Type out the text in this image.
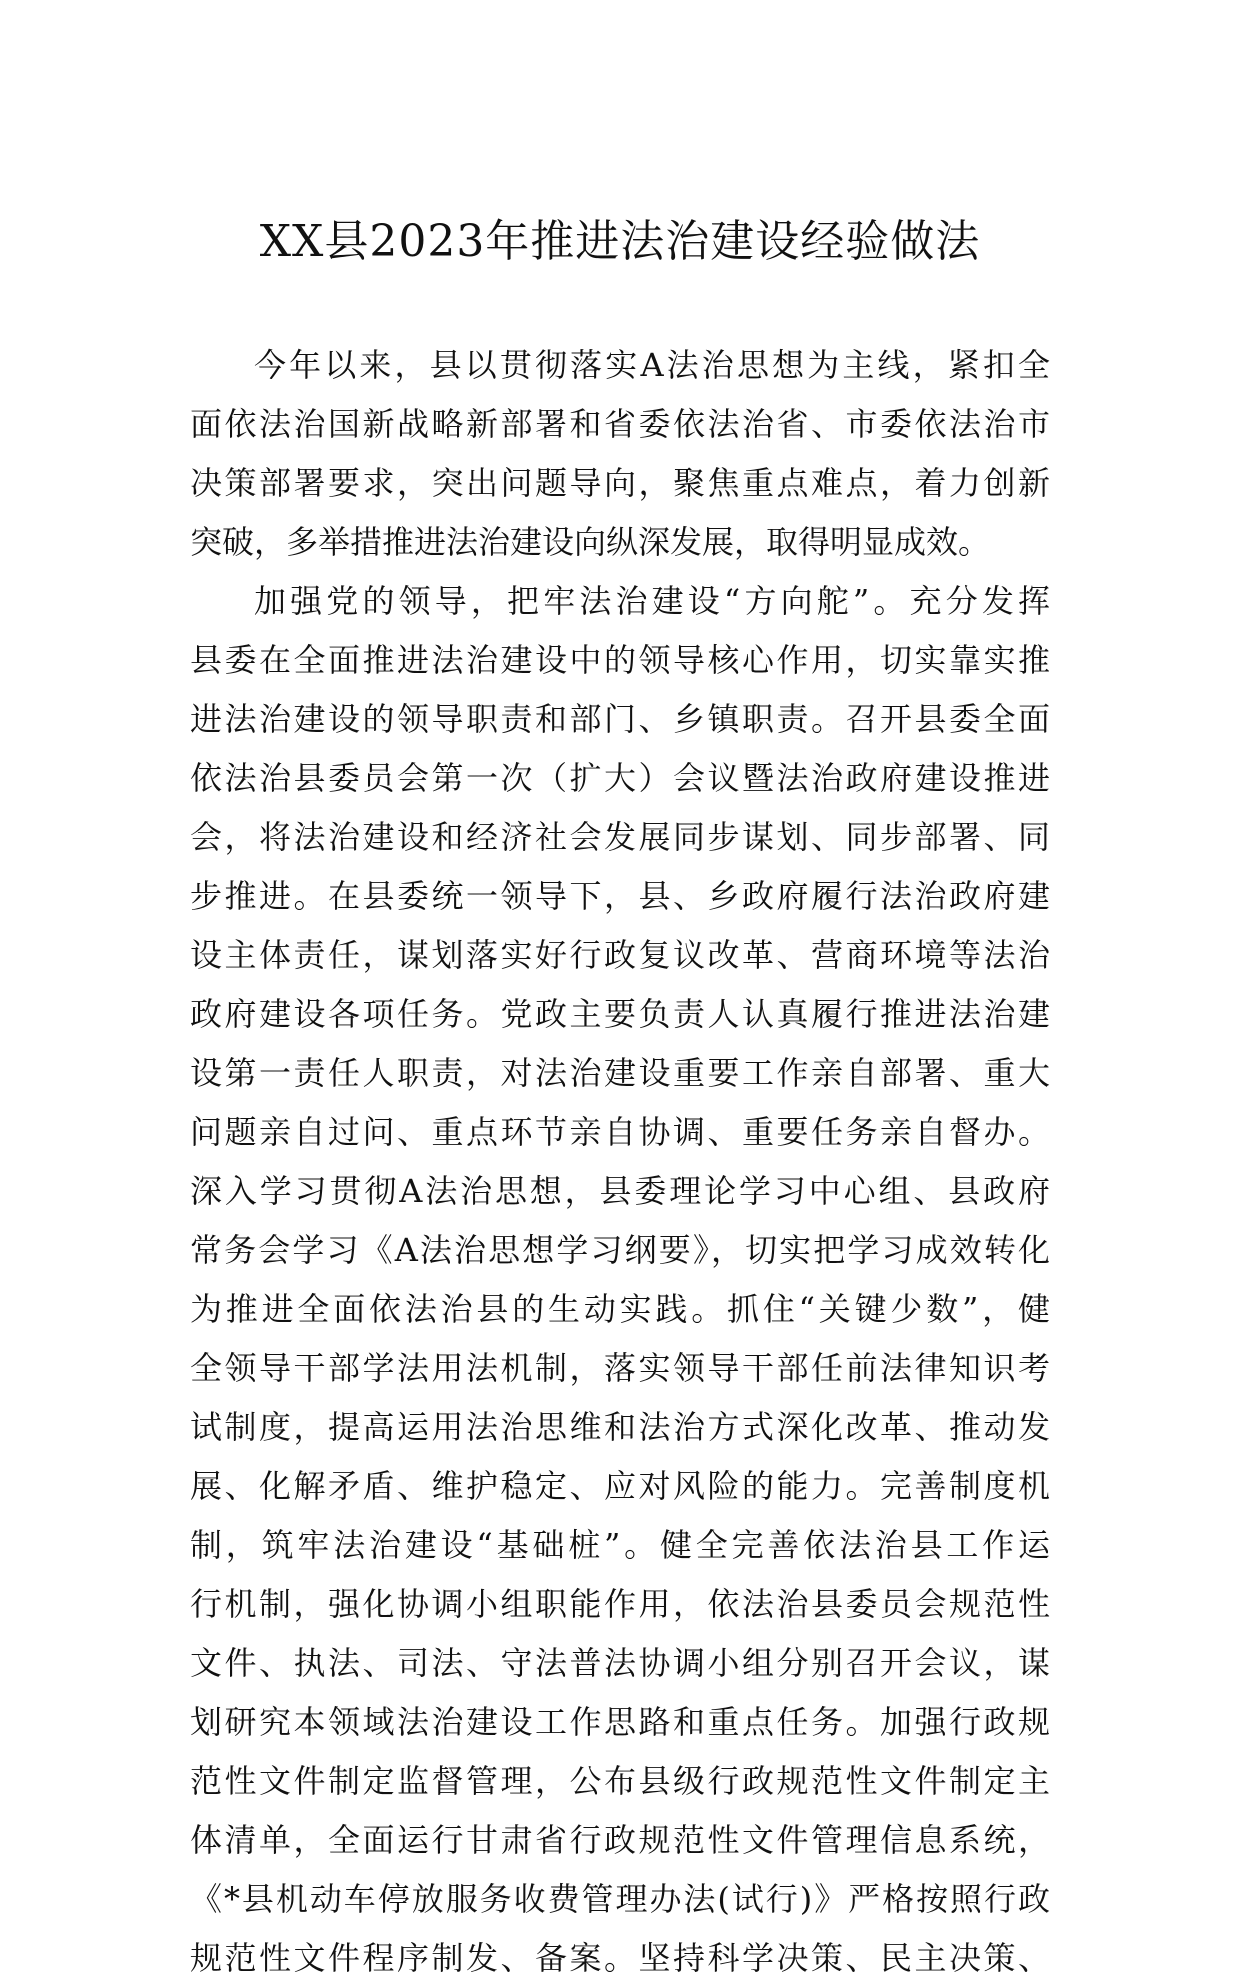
XX县2023年推进法治建设经验做法
今年以来，县以贯彻落实A法治思想为主线，紧扣全
面依法治国新战略新部署和省委依法治省、市委依法治市
决策部署要求，突出问题导向，聚焦重点难点，着力创新
突破，多举措推进法治建设向纵深发展，取得明显成效。
加强党的领导，把牢法治建设“方向舵”。充分发挥
县委在全面推进法治建设中的领导核心作用，切实靠实推
进法治建设的领导职责和部门、乡镇职责。召开县委全面
依法治县委员会第一次（扩大）会议暨法治政府建设推进
会，将法治建设和经济社会发展同步谋划、同步部署、同
步推进。在县委统一领导下，县、乡政府履行法治政府建
设主体责任，谋划落实好行政复议改革、营商环境等法治
政府建设各项任务。党政主要负责人认真履行推进法治建
设第一责任人职责，对法治建设重要工作亲自部署、重大
问题亲自过问、重点环节亲自协调、重要任务亲自督办。
深入学习贯彻A法治思想，县委理论学习中心组、县政府
常务会学习《A法治思想学习纲要》，切实把学习成效转化
为推进全面依法治县的生动实践。抓住“关键少数”，健
全领导干部学法用法机制，落实领导干部任前法律知识考
试制度，提高运用法治思维和法治方式深化改革、推动发
展、化解矛盾、维护稳定、应对风险的能力。完善制度机
制，筑牢法治建设“基础桩”。健全完善依法治县工作运
行机制，强化协调小组职能作用，依法治县委员会规范性
文件、执法、司法、守法普法协调小组分别召开会议，谋
划研究本领域法治建设工作思路和重点任务。加强行政规
范性文件制定监督管理，公布县级行政规范性文件制定主
体清单，全面运行甘肃省行政规范性文件管理信息系统，
《*县机动车停放服务收费管理办法(试行)》严格按照行政
规范性文件程序制发、备案。坚持科学决策、民主决策、
